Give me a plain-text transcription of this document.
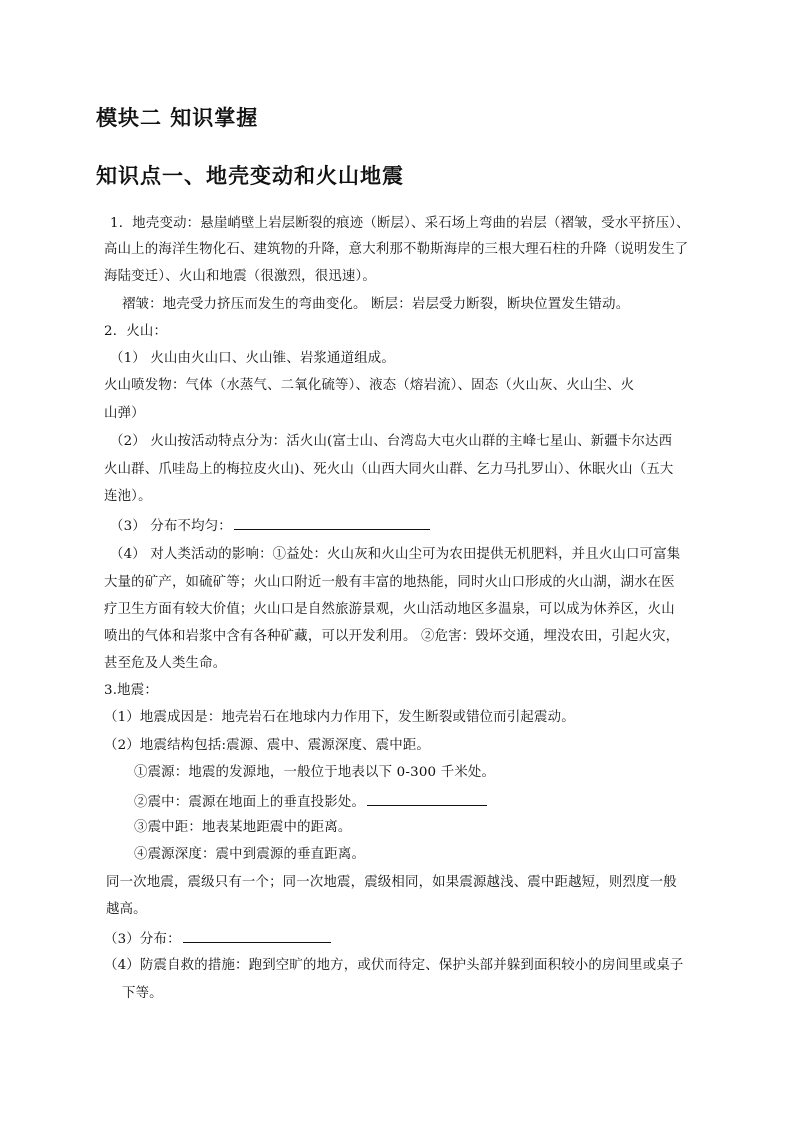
模块二 知识掌握
知识点一、地壳变动和火山地震
1．地壳变动：悬崖峭壁上岩层断裂的痕迹（断层）、采石场上弯曲的岩层（褶皱，受水平挤压）、
高山上的海洋生物化石、建筑物的升降，意大利那不勒斯海岸的三根大理石柱的升降（说明发生了
海陆变迁）、火山和地震（很激烈，很迅速）。
褶皱：地壳受力挤压而发生的弯曲变化。 断层：岩层受力断裂，断块位置发生错动。
2．火山：
（1） 火山由火山口、火山锥、岩浆通道组成。
火山喷发物：气体（水蒸气、二氧化硫等）、液态（熔岩流）、固态（火山灰、火山尘、火
山弹）
（2） 火山按活动特点分为：活火山(富士山、台湾岛大屯火山群的主峰七星山、新疆卡尔达西
火山群、爪哇岛上的梅拉皮火山)、死火山（山西大同火山群、乞力马扎罗山）、休眠火山（五大
连池）。
（3） 分布不均匀：
（4） 对人类活动的影响：①益处：火山灰和火山尘可为农田提供无机肥料，并且火山口可富集
大量的矿产，如硫矿等；火山口附近一般有丰富的地热能，同时火山口形成的火山湖，湖水在医
疗卫生方面有较大价值；火山口是自然旅游景观，火山活动地区多温泉，可以成为休养区，火山
喷出的气体和岩浆中含有各种矿藏，可以开发利用。 ②危害：毁坏交通，埋没农田，引起火灾，
甚至危及人类生命。
3.地震：
（1）地震成因是：地壳岩石在地球内力作用下，发生断裂或错位而引起震动。
（2）地震结构包括:震源、震中、震源深度、震中距。
①震源：地震的发源地，一般位于地表以下 0-300 千米处。
②震中：震源在地面上的垂直投影处。
③震中距：地表某地距震中的距离。
④震源深度：震中到震源的垂直距离。
同一次地震，震级只有一个；同一次地震，震级相同，如果震源越浅、震中距越短，则烈度一般
越高。
（3）分布：
（4）防震自救的措施：跑到空旷的地方，或伏而待定、保护头部并躲到面积较小的房间里或桌子
下等。
